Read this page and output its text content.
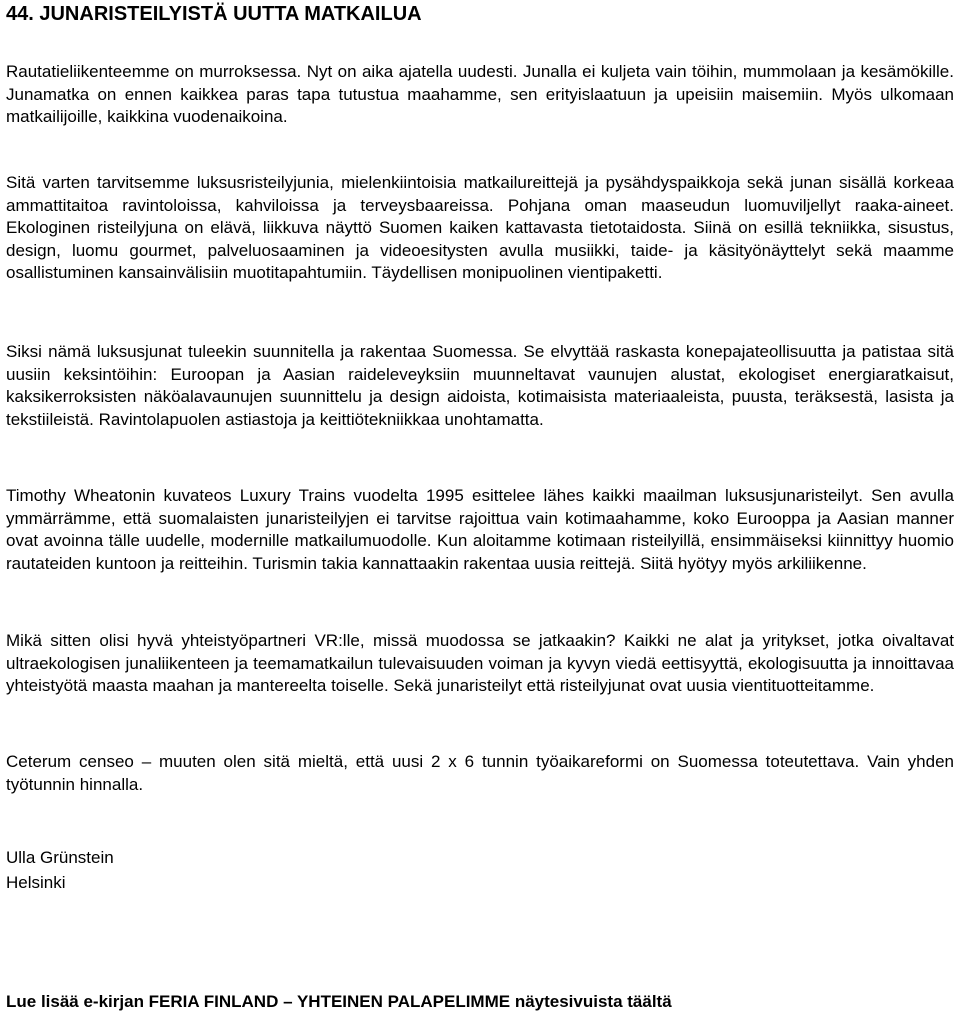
44. JUNARISTEILYISTÄ UUTTA MATKAILUA

Rautatieliikenteemme on murroksessa. Nyt on aika ajatella uudesti. Junalla ei kuljeta vain töihin, mummolaan ja kesämökille. Junamatka on ennen kaikkea paras tapa tutustua maahamme, sen erityislaatuun ja upeisiin maisemiin. Myös ulkomaan matkailijoille, kaikkina vuodenaikoina.

Sitä varten tarvitsemme luksusristeilyjunia, mielenkiintoisia matkailureittejä ja pysähdyspaikkoja sekä junan sisällä korkeaa ammattitaitoa ravintoloissa, kahviloissa ja terveysbaareissa. Pohjana oman maaseudun luomuviljellyt raaka-aineet. Ekologinen risteilyjuna on elävä, liikkuva näyttö Suomen kaiken kattavasta tietotaidosta. Siinä on esillä tekniikka, sisustus, design, luomu gourmet, palveluosaaminen ja videoesitysten avulla musiikki, taide- ja käsityönäyttelyt sekä maamme osallistuminen kansainvälisiin muotitapahtumiin. Täydellisen monipuolinen vientipaketti.

Siksi nämä luksusjunat tuleekin suunnitella ja rakentaa Suomessa. Se elvyttää raskasta konepajateollisuutta ja patistaa sitä uusiin keksintöihin: Euroopan ja Aasian raideleveyksiin muunneltavat vaunujen alustat, ekologiset energiaratkaisut, kaksikerroksisten näköalavaunujen suunnittelu ja design aidoista, kotimaisista materiaaleista, puusta, teräksestä, lasista ja tekstiileistä. Ravintolapuolen astiastoja ja keittiötekniikkaa unohtamatta.

Timothy Wheatonin kuvateos Luxury Trains vuodelta 1995 esittelee lähes kaikki maailman luksusjunaristeilyt. Sen avulla ymmärrämme, että suomalaisten junaristeilyjen ei tarvitse rajoittua vain kotimaahamme, koko Eurooppa ja Aasian manner ovat avoinna tälle uudelle, modernille matkailumuodolle. Kun aloitamme kotimaan risteilyillä, ensimmäiseksi kiinnittyy huomio rautateiden kuntoon ja reitteihin. Turismin takia kannattaakin rakentaa uusia reittejä. Siitä hyötyy myös arkiliikenne.

Mikä sitten olisi hyvä yhteistyöpartneri VR:lle, missä muodossa se jatkaakin? Kaikki ne alat ja yritykset, jotka oivaltavat ultraekologisen junaliikenteen ja teemamatkailun tulevaisuuden voiman ja kyvyn viedä eettisyyttä, ekologisuutta ja innoittavaa yhteistyötä maasta maahan ja mantereelta toiselle. Sekä junaristeilyt että risteilyjunat ovat uusia vientituotteitamme.

Ceterum censeo – muuten olen sitä mieltä, että uusi 2 x 6 tunnin työaikareformi on Suomessa toteutettava. Vain yhden työtunnin hinnalla.

Ulla Grünstein

Helsinki

Lue lisää e-kirjan FERIA FINLAND – YHTEINEN PALAPELIMME näytesivuista täältä
